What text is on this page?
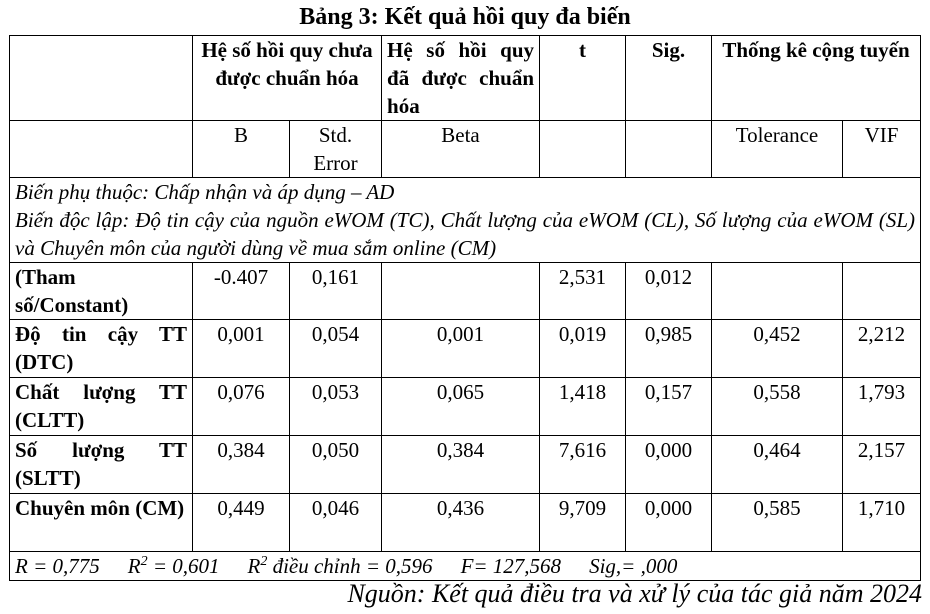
Bảng 3: Kết quả hồi quy đa biến
	Hệ số hồi quy chưa được chuẩn hóa		Hệ số hồi quy đã được chuẩn hóa	t	Sig.	Thống kê cộng tuyến	
	B	Std. Error	Beta			Tolerance	VIF

Biến phụ thuộc: Chấp nhận và áp dụng – AD
Biến độc lập: Độ tin cậy của nguồn eWOM (TC), Chất lượng của eWOM (CL), Số lượng của eWOM (SL) và Chuyên môn của người dùng về mua sắm online (CM)							

(Tham số/Constant)	-0.407	0,161		2,531	0,012		
Độ tin cậy TT (DTC)	0,001	0,054	0,001	0,019	0,985	0,452	2,212
Chất lượng TT (CLTT)	0,076	0,053	0,065	1,418	0,157	0,558	1,793
Số lượng TT (SLTT)	0,384	0,050	0,384	7,616	0,000	0,464	2,157
Chuyên môn (CM)	0,449	0,046	0,436	9,709	0,000	0,585	1,710
R = 0,775 $R^2 = 0,601$ $R^2$ điều chỉnh = 0,596 F= 127,568 Sig,= ,000							
Nguồn: Kết quả điều tra và xử lý của tác giả năm 2024
